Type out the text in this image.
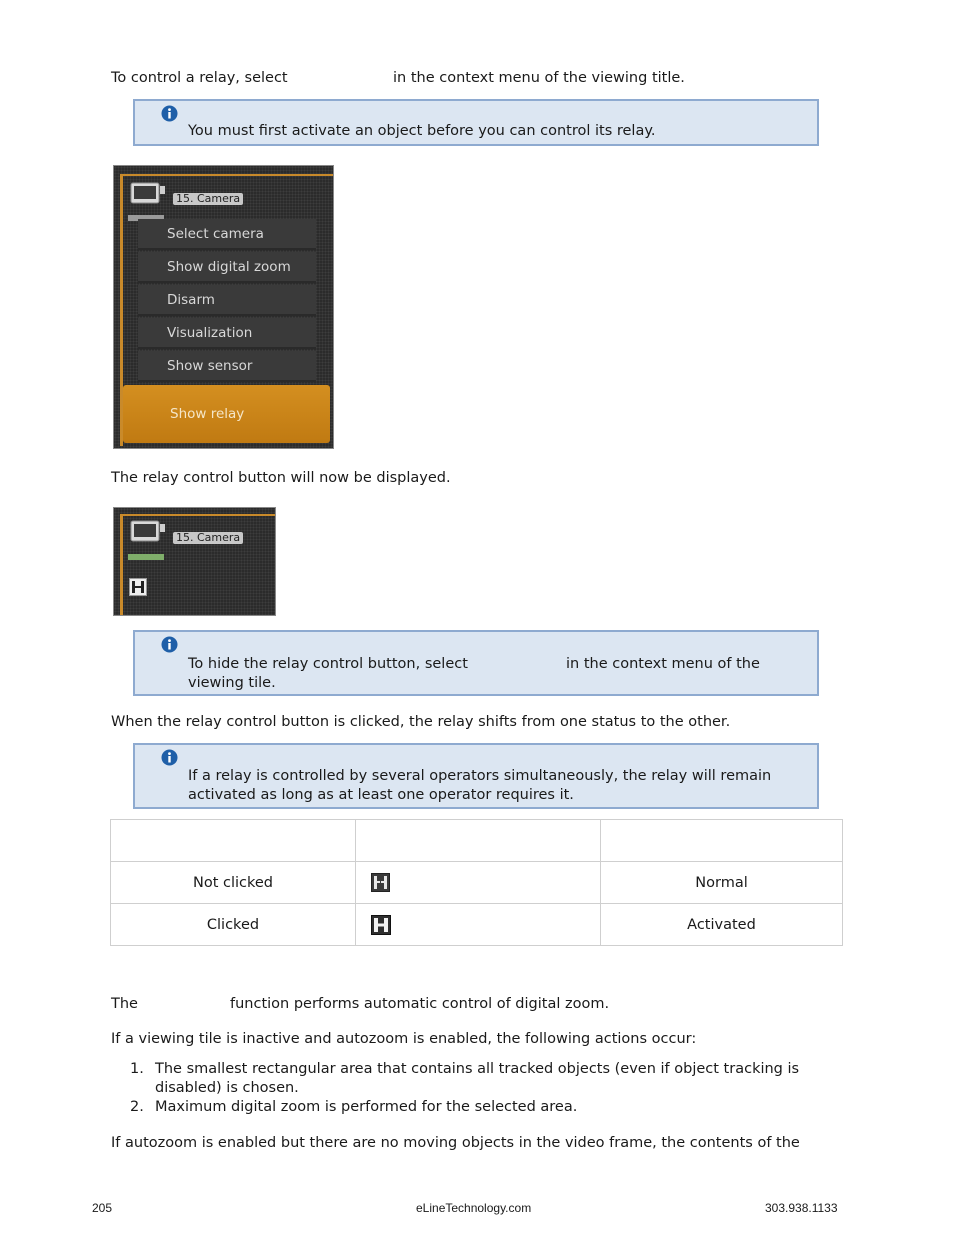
To control a relay, select	in the context menu of the viewing title.
You must first activate an object before you can control its relay.
15. Camera
Select camera
Show digital zoom
Disarm
Visualization
Show sensor
Show relay
The relay control button will now be displayed.
15. Camera
To hide the relay control button, select	in the context menu of the
viewing tile.
When the relay control button is clicked, the relay shifts from one status to the other.
If a relay is controlled by several operators simultaneously, the relay will remain
activated as long as at least one operator requires it.

Not clicked		Normal
Clicked		Activated
The	function performs automatic control of digital zoom.
If a viewing tile is inactive and autozoom is enabled, the following actions occur:
1. The smallest rectangular area that contains all tracked objects (even if object tracking is
disabled) is chosen.
2. Maximum digital zoom is performed for the selected area.
If autozoom is enabled but there are no moving objects in the video frame, the contents of the
205	eLineTechnology.com	303.938.1133
